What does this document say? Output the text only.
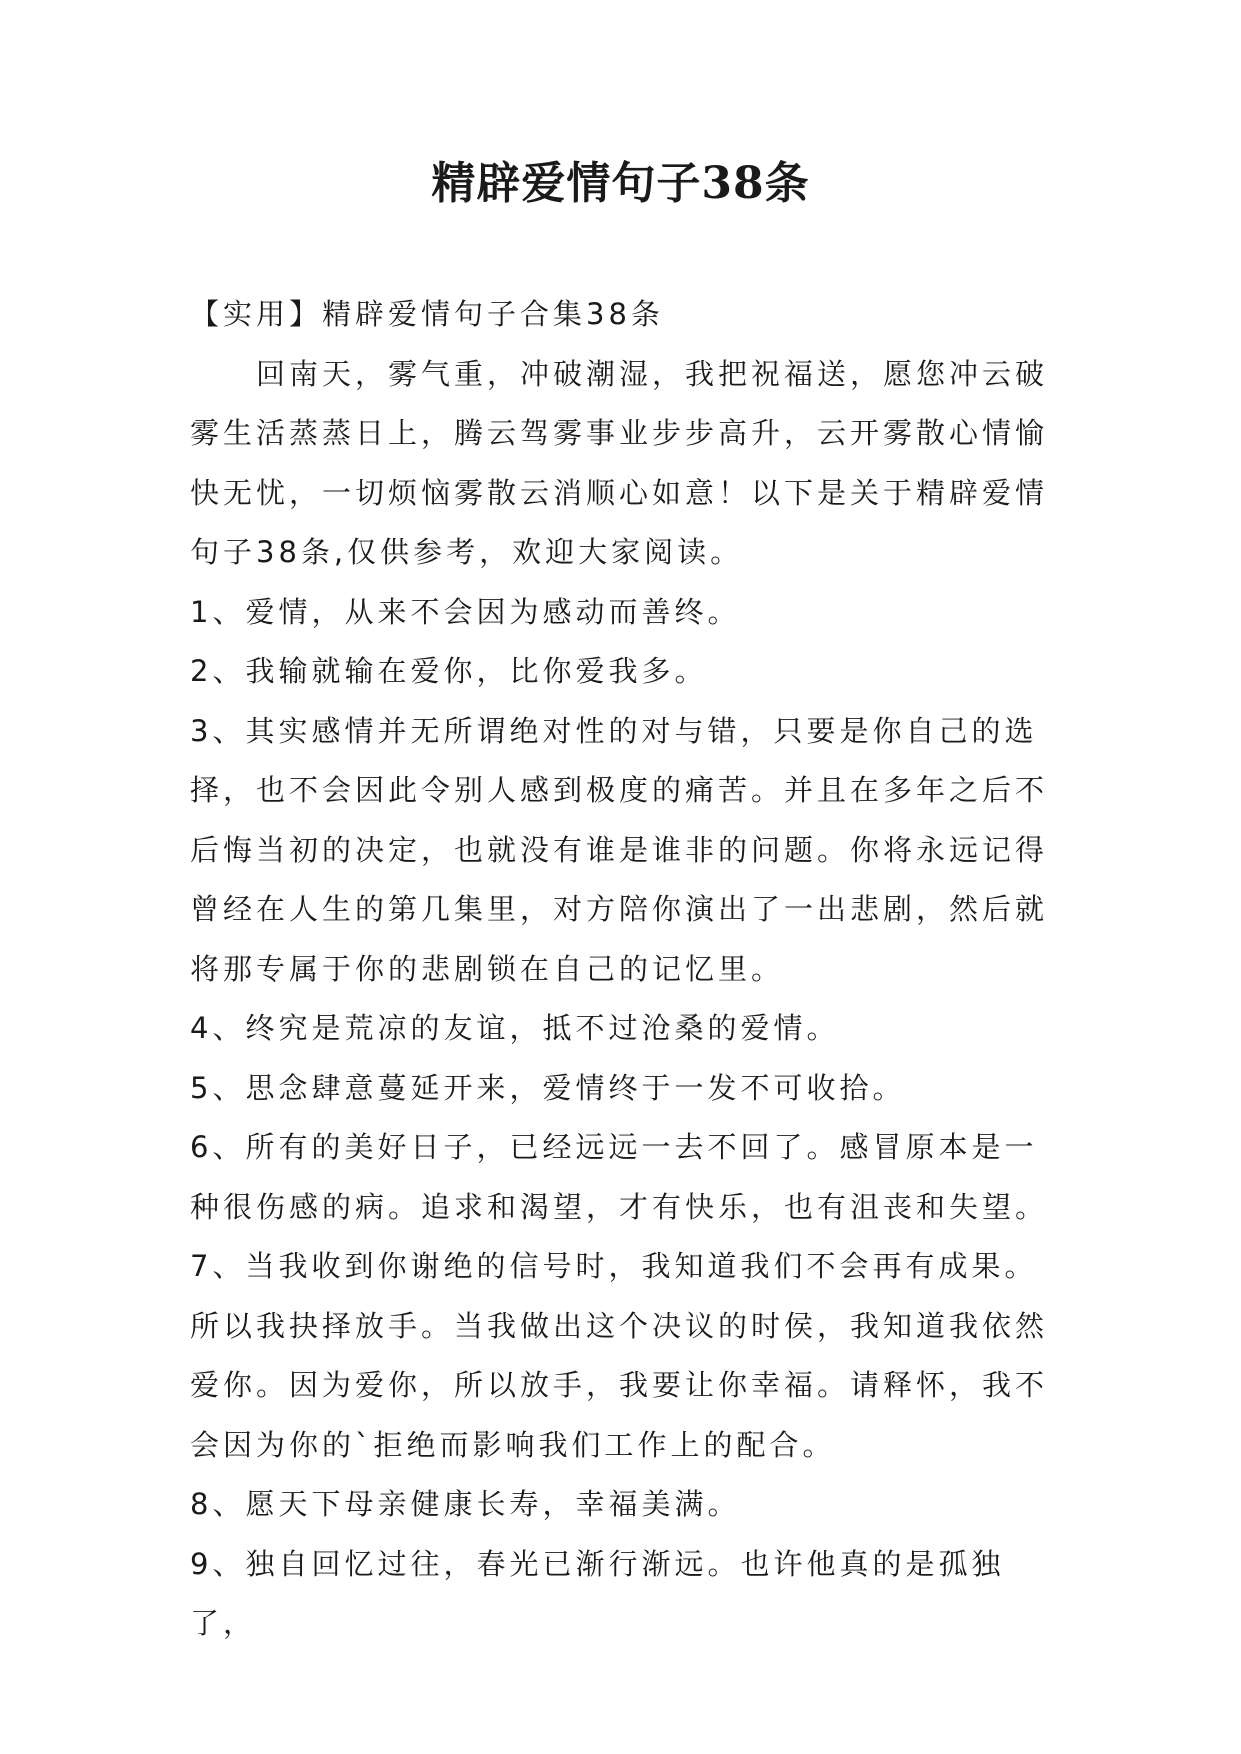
精辟爱情句子38条

【实用】精辟爱情句子合集38条

回南天，雾气重，冲破潮湿，我把祝福送，愿您冲云破雾生活蒸蒸日上，腾云驾雾事业步步高升，云开雾散心情愉快无忧，一切烦恼雾散云消顺心如意！以下是关于精辟爱情句子38条,仅供参考，欢迎大家阅读。

1、爱情，从来不会因为感动而善终。

2、我输就输在爱你，比你爱我多。

3、其实感情并无所谓绝对性的对与错，只要是你自己的选择，也不会因此令别人感到极度的痛苦。并且在多年之后不后悔当初的决定，也就没有谁是谁非的问题。你将永远记得曾经在人生的第几集里，对方陪你演出了一出悲剧，然后就将那专属于你的悲剧锁在自己的记忆里。

4、终究是荒凉的友谊，抵不过沧桑的爱情。

5、思念肆意蔓延开来，爱情终于一发不可收拾。

6、所有的美好日子，已经远远一去不回了。感冒原本是一种很伤感的病。追求和渴望，才有快乐，也有沮丧和失望。

7、当我收到你谢绝的信号时，我知道我们不会再有成果。所以我抉择放手。当我做出这个决议的时侯，我知道我依然爱你。因为爱你，所以放手，我要让你幸福。请释怀，我不会因为你的`拒绝而影响我们工作上的配合。

8、愿天下母亲健康长寿，幸福美满。

9、独自回忆过往，春光已渐行渐远。也许他真的是孤独了，
